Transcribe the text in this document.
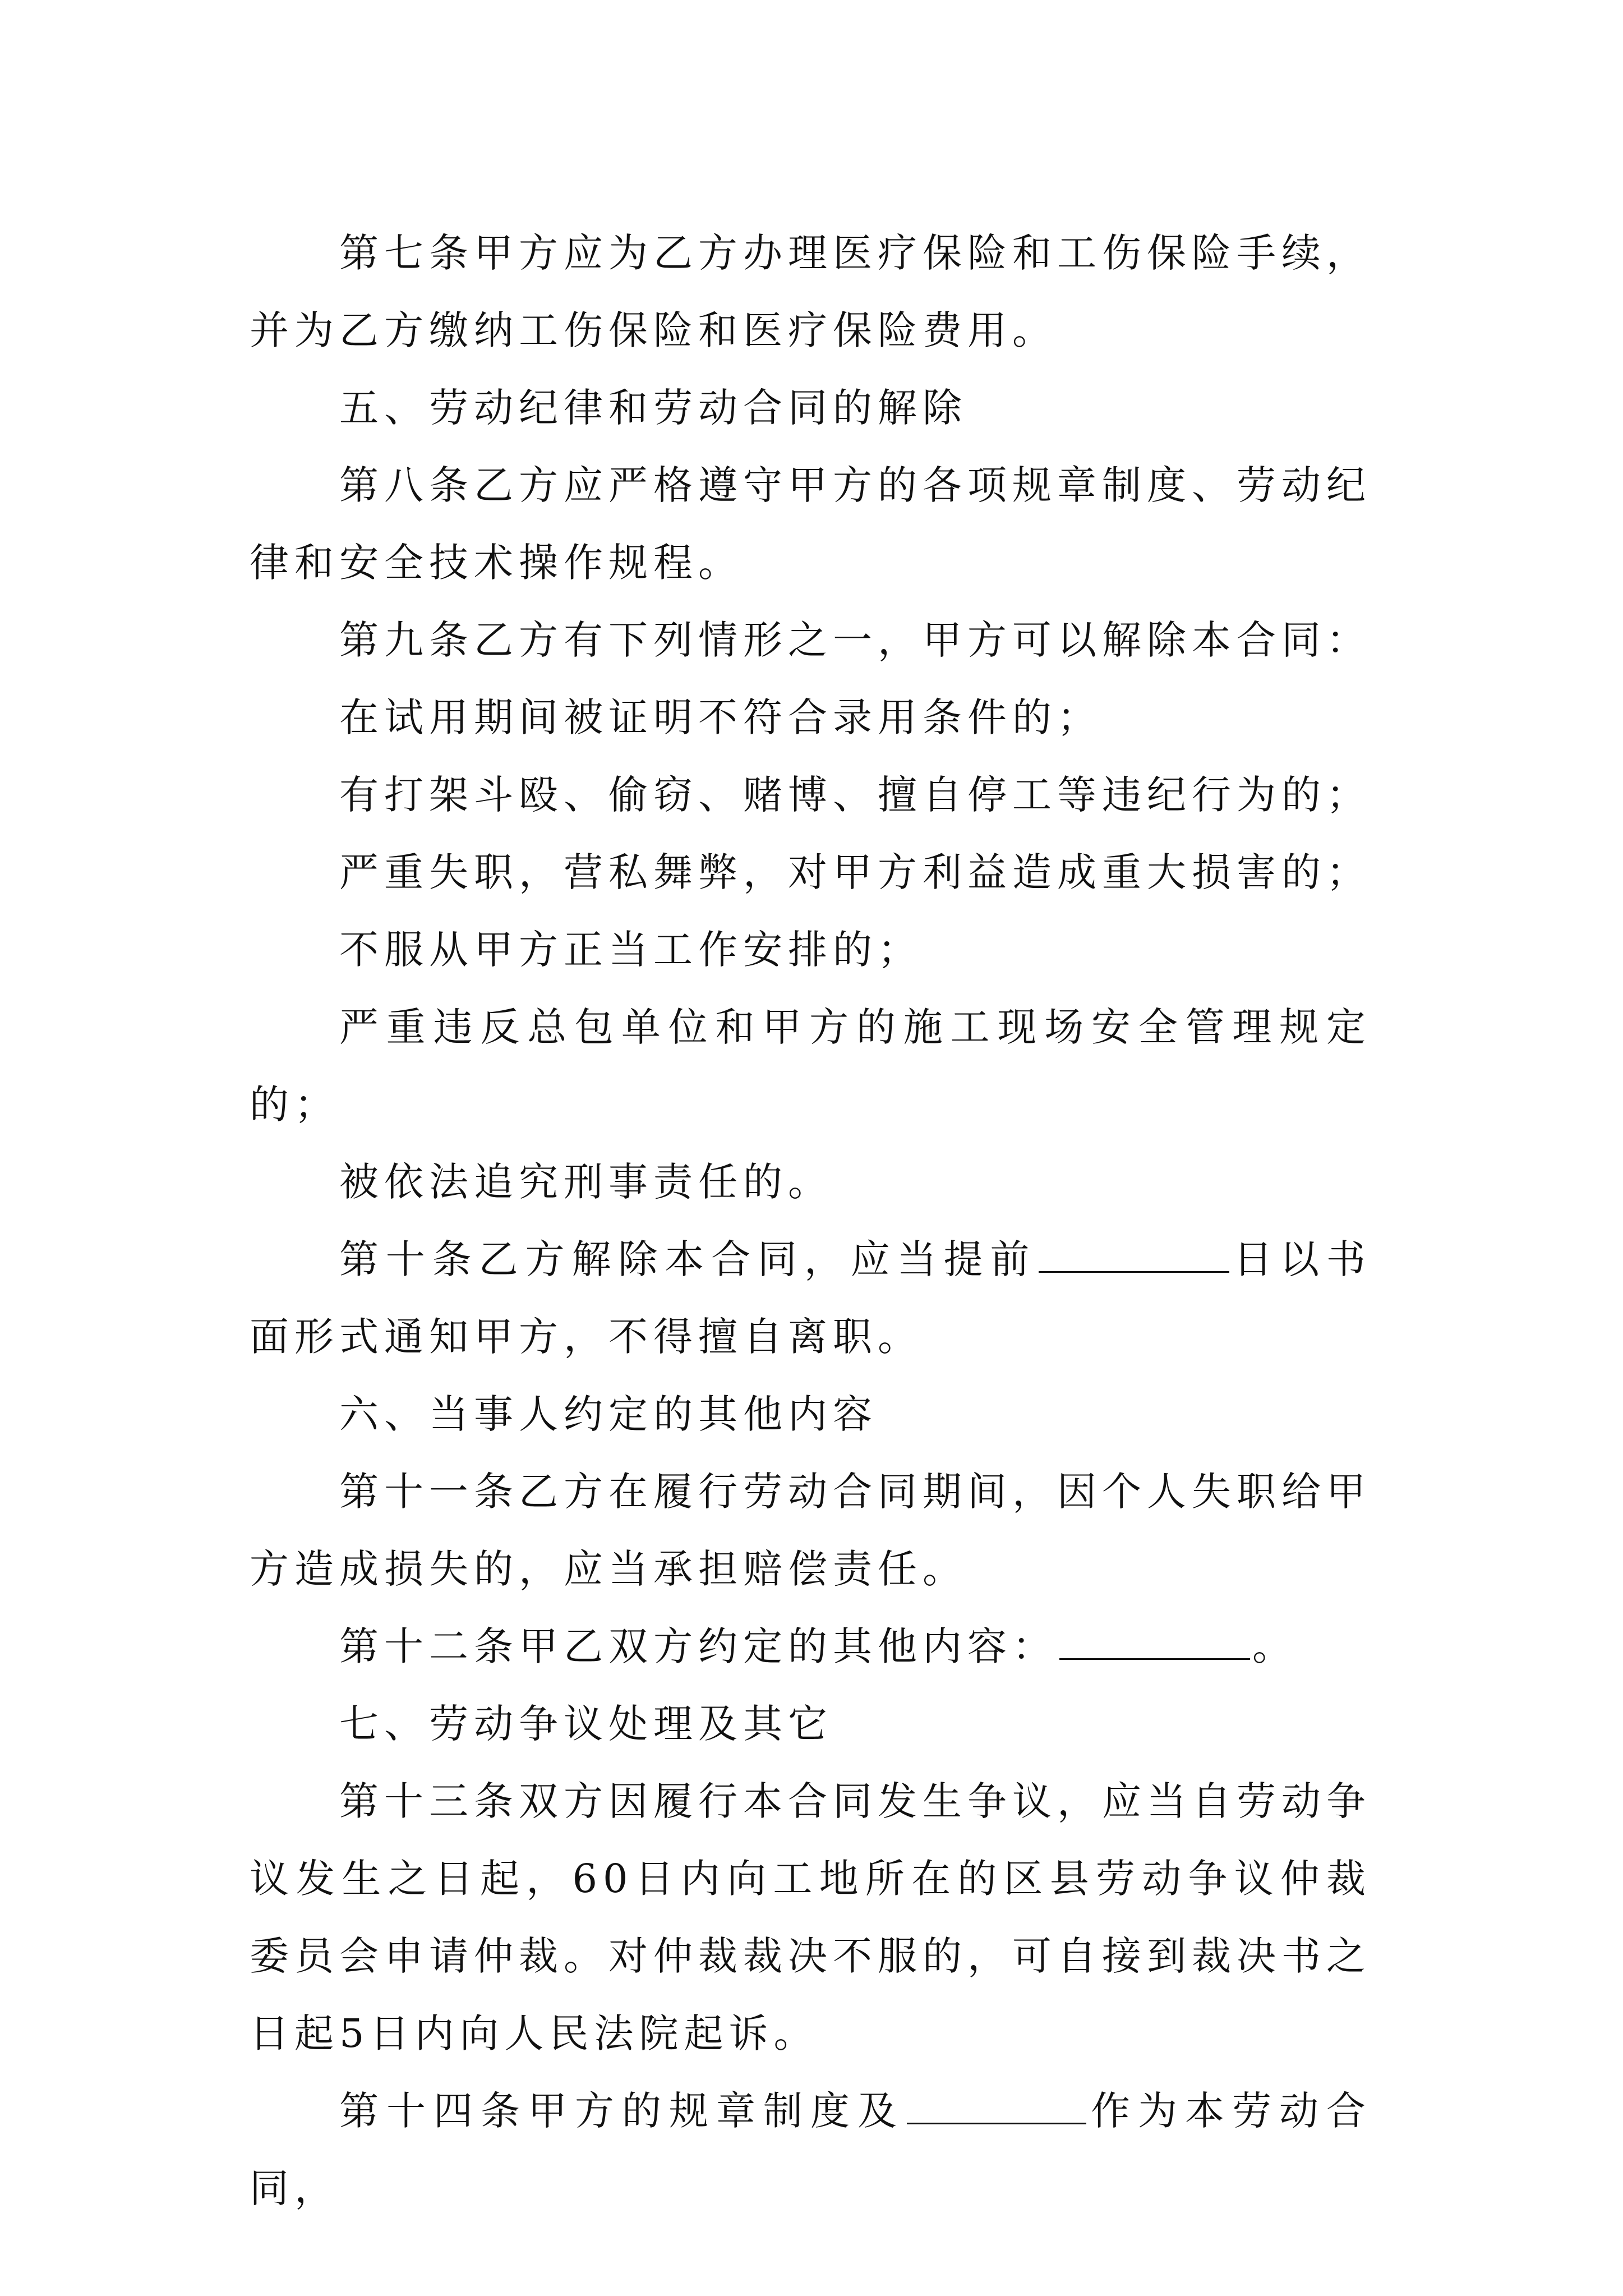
第七条甲方应为乙方办理医疗保险和工伤保险手续，并为乙方缴纳工伤保险和医疗保险费用。

五、劳动纪律和劳动合同的解除

第八条乙方应严格遵守甲方的各项规章制度、劳动纪律和安全技术操作规程。

第九条乙方有下列情形之一，甲方可以解除本合同：

在试用期间被证明不符合录用条件的；

有打架斗殴、偷窃、赌博、擅自停工等违纪行为的；

严重失职，营私舞弊，对甲方利益造成重大损害的；

不服从甲方正当工作安排的；

严重违反总包单位和甲方的施工现场安全管理规定的；

被依法追究刑事责任的。

第十条乙方解除本合同，应当提前	日以书面形式通知甲方，不得擅自离职。

六、当事人约定的其他内容

第十一条乙方在履行劳动合同期间，因个人失职给甲方造成损失的，应当承担赔偿责任。

第十二条甲乙双方约定的其他内容：	。

七、劳动争议处理及其它

第十三条双方因履行本合同发生争议，应当自劳动争议发生之日起，60日内向工地所在的区县劳动争议仲裁委员会申请仲裁。对仲裁裁决不服的，可自接到裁决书之日起5日内向人民法院起诉。

第十四条甲方的规章制度及	作为本劳动合同，
